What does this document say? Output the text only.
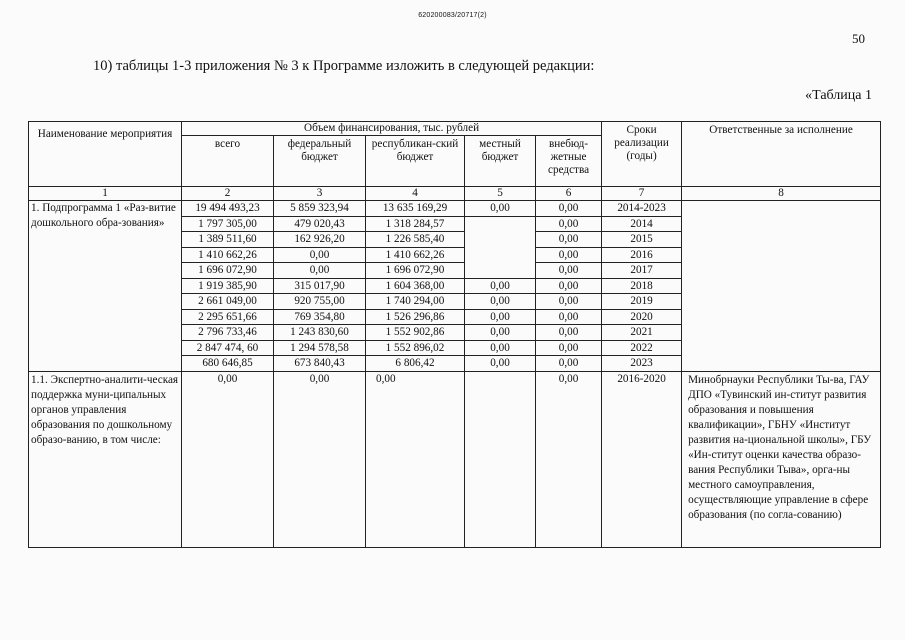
620200083/20717(2)
50
10) таблицы 1-3 приложения № 3 к Программе изложить в следующей редакции:
«Таблица 1
Наименование мероприятия	Объем финансирования, тыс. рублей					Сроки реализации (годы)	Ответственные за исполнение
	всего	федеральный бюджет	республикан-ский бюджет	местный бюджет	внебюд-жетные средства		
1	2	3	4	5	6	7	8
1. Подпрограмма 1 «Раз-витие дошкольного обра-зования»	19 494 493,23	5 859 323,94	13 635 169,29	0,00	0,00	2014-2023	
	1 797 305,00	479 020,43	1 318 284,57		0,00	2014	
	1 389 511,60	162 926,20	1 226 585,40		0,00	2015	
	1 410 662,26	0,00	1 410 662,26		0,00	2016	
	1 696 072,90	0,00	1 696 072,90		0,00	2017	
	1 919 385,90	315 017,90	1 604 368,00	0,00	0,00	2018	
	2 661 049,00	920 755,00	1 740 294,00	0,00	0,00	2019	
	2 295 651,66	769 354,80	1 526 296,86	0,00	0,00	2020	
	2 796 733,46	1 243 830,60	1 552 902,86	0,00	0,00	2021	
	2 847 474, 60	1 294 578,58	1 552 896,02	0,00	0,00	2022	
	680 646,85	673 840,43	6 806,42	0,00	0,00	2023	
1.1. Экспертно-аналити-ческая поддержка муни-ципальных органов управления образования по дошкольному образо-ванию, в том числе:	0,00	0,00	0,00		0,00	2016-2020	Минобрнауки Республики Ты-ва, ГАУ ДПО «Тувинский ин-ститут развития образования и повышения квалификации», ГБНУ «Институт развития на-циональной школы», ГБУ «Ин-ститут оценки качества образо-вания Республики Тыва», орга-ны местного самоуправления, осуществляющие управление в сфере образования (по согла-сованию)
